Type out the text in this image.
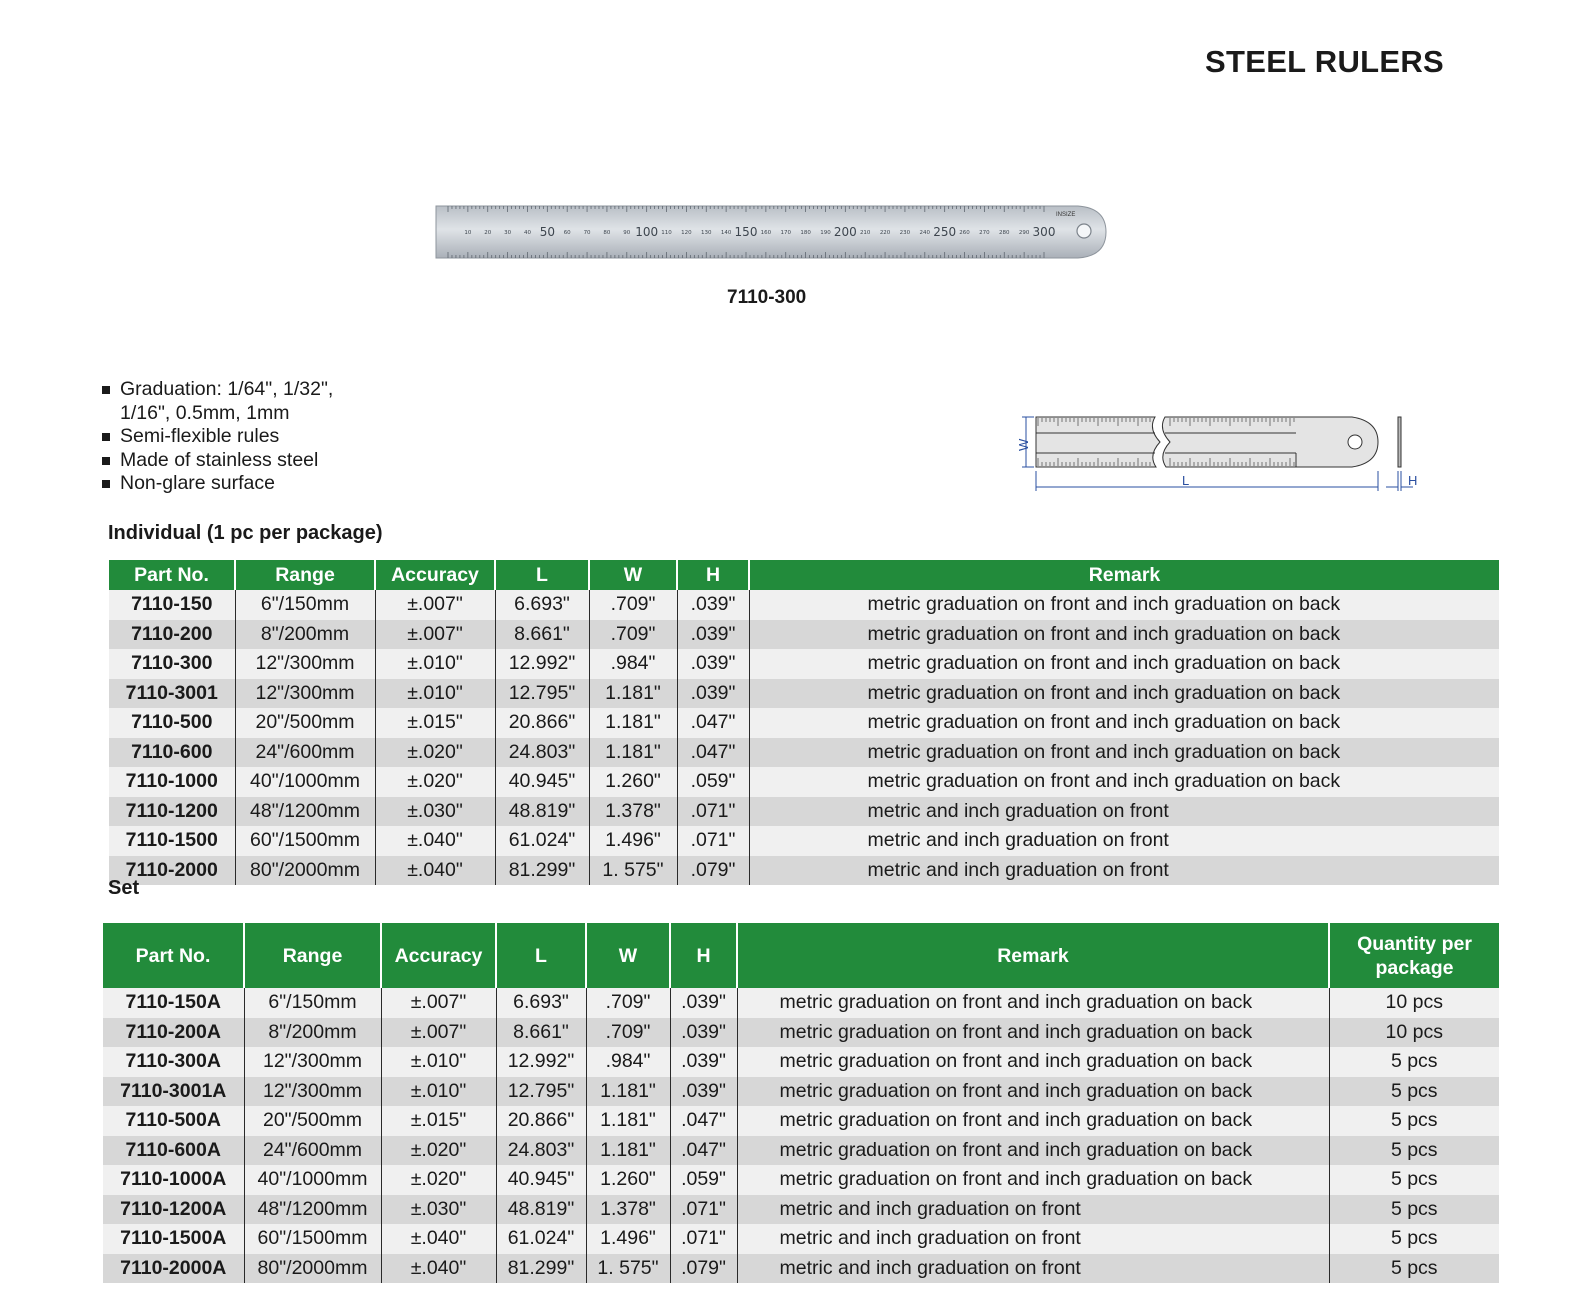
STEEL RULERS
10 20 30 40 50 60 70 80 90 100 110 120 130 140 150 160 170 180 190 200 210 220 230 240 250 260 270 280 290 300
INSIZE
7110-300
Graduation: 1/64", 1/32",
1/16", 0.5mm, 1mm
Semi-flexible rules
Made of stainless steel
Non-glare surface
W
L	H
Individual (1 pc per package)
Part No.	Range	Accuracy	L	W	H	Remark
7110-150	6"/150mm	±.007"	6.693"	.709"	.039"	metric graduation on front and inch graduation on back
7110-200	8"/200mm	±.007"	8.661"	.709"	.039"	metric graduation on front and inch graduation on back
7110-300	12"/300mm	±.010"	12.992"	.984"	.039"	metric graduation on front and inch graduation on back
7110-3001	12"/300mm	±.010"	12.795"	1.181"	.039"	metric graduation on front and inch graduation on back
7110-500	20"/500mm	±.015"	20.866"	1.181"	.047"	metric graduation on front and inch graduation on back
7110-600	24"/600mm	±.020"	24.803"	1.181"	.047"	metric graduation on front and inch graduation on back
7110-1000	40"/1000mm	±.020"	40.945"	1.260"	.059"	metric graduation on front and inch graduation on back
7110-1200	48"/1200mm	±.030"	48.819"	1.378"	.071"	metric and inch graduation on front
7110-1500	60"/1500mm	±.040"	61.024"	1.496"	.071"	metric and inch graduation on front
7110-2000	80"/2000mm	±.040"	81.299"	1. 575"	.079"	metric and inch graduation on front
Set
Part No.	Range	Accuracy	L	W	H	Remark	Quantity per package
7110-150A	6"/150mm	±.007"	6.693"	.709"	.039"	metric graduation on front and inch graduation on back	10 pcs
7110-200A	8"/200mm	±.007"	8.661"	.709"	.039"	metric graduation on front and inch graduation on back	10 pcs
7110-300A	12"/300mm	±.010"	12.992"	.984"	.039"	metric graduation on front and inch graduation on back	5 pcs
7110-3001A	12"/300mm	±.010"	12.795"	1.181"	.039"	metric graduation on front and inch graduation on back	5 pcs
7110-500A	20"/500mm	±.015"	20.866"	1.181"	.047"	metric graduation on front and inch graduation on back	5 pcs
7110-600A	24"/600mm	±.020"	24.803"	1.181"	.047"	metric graduation on front and inch graduation on back	5 pcs
7110-1000A	40"/1000mm	±.020"	40.945"	1.260"	.059"	metric graduation on front and inch graduation on back	5 pcs
7110-1200A	48"/1200mm	±.030"	48.819"	1.378"	.071"	metric and inch graduation on front	5 pcs
7110-1500A	60"/1500mm	±.040"	61.024"	1.496"	.071"	metric and inch graduation on front	5 pcs
7110-2000A	80"/2000mm	±.040"	81.299"	1. 575"	.079"	metric and inch graduation on front	5 pcs
